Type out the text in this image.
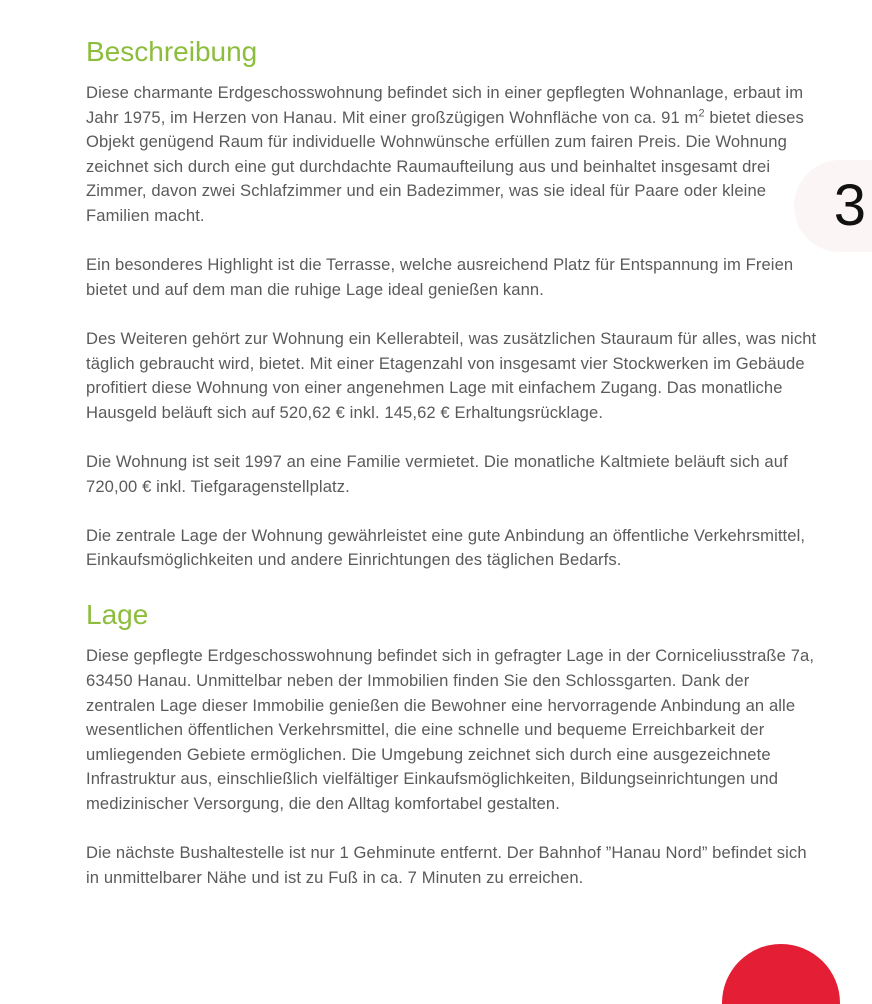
Beschreibung

Diese charmante Erdgeschosswohnung befindet sich in einer gepflegten Wohnanlage, erbaut im Jahr 1975, im Herzen von Hanau. Mit einer großzügigen Wohnfläche von ca. 91 $m^2$ bietet dieses Objekt genügend Raum für individuelle Wohnwünsche erfüllen zum fairen Preis. Die Wohnung zeichnet sich durch eine gut durchdachte Raumaufteilung aus und beinhaltet insgesamt drei Zimmer, davon zwei Schlafzimmer und ein Badezimmer, was sie ideal für Paare oder kleine Familien macht.

Ein besonderes Highlight ist die Terrasse, welche ausreichend Platz für Entspannung im Freien bietet und auf dem man die ruhige Lage ideal genießen kann.

Des Weiteren gehört zur Wohnung ein Kellerabteil, was zusätzlichen Stauraum für alles, was nicht täglich gebraucht wird, bietet. Mit einer Etagenzahl von insgesamt vier Stockwerken im Gebäude profitiert diese Wohnung von einer angenehmen Lage mit einfachem Zugang. Das monatliche Hausgeld beläuft sich auf 520,62 € inkl. 145,62 € Erhaltungsrücklage.

Die Wohnung ist seit 1997 an eine Familie vermietet. Die monatliche Kaltmiete beläuft sich auf 720,00 € inkl. Tiefgaragenstellplatz.

Die zentrale Lage der Wohnung gewährleistet eine gute Anbindung an öffentliche Verkehrsmittel, Einkaufsmöglichkeiten und andere Einrichtungen des täglichen Bedarfs.

Lage

Diese gepflegte Erdgeschosswohnung befindet sich in gefragter Lage in der Corniceliusstraße 7a, 63450 Hanau. Unmittelbar neben der Immobilien finden Sie den Schlossgarten. Dank der zentralen Lage dieser Immobilie genießen die Bewohner eine hervorragende Anbindung an alle wesentlichen öffentlichen Verkehrsmittel, die eine schnelle und bequeme Erreichbarkeit der umliegenden Gebiete ermöglichen. Die Umgebung zeichnet sich durch eine ausgezeichnete Infrastruktur aus, einschließlich vielfältiger Einkaufsmöglichkeiten, Bildungseinrichtungen und medizinischer Versorgung, die den Alltag komfortabel gestalten.

Die nächste Bushaltestelle ist nur 1 Gehminute entfernt. Der Bahnhof ”Hanau Nord” befindet sich in unmittelbarer Nähe und ist zu Fuß in ca. 7 Minuten zu erreichen.

3
